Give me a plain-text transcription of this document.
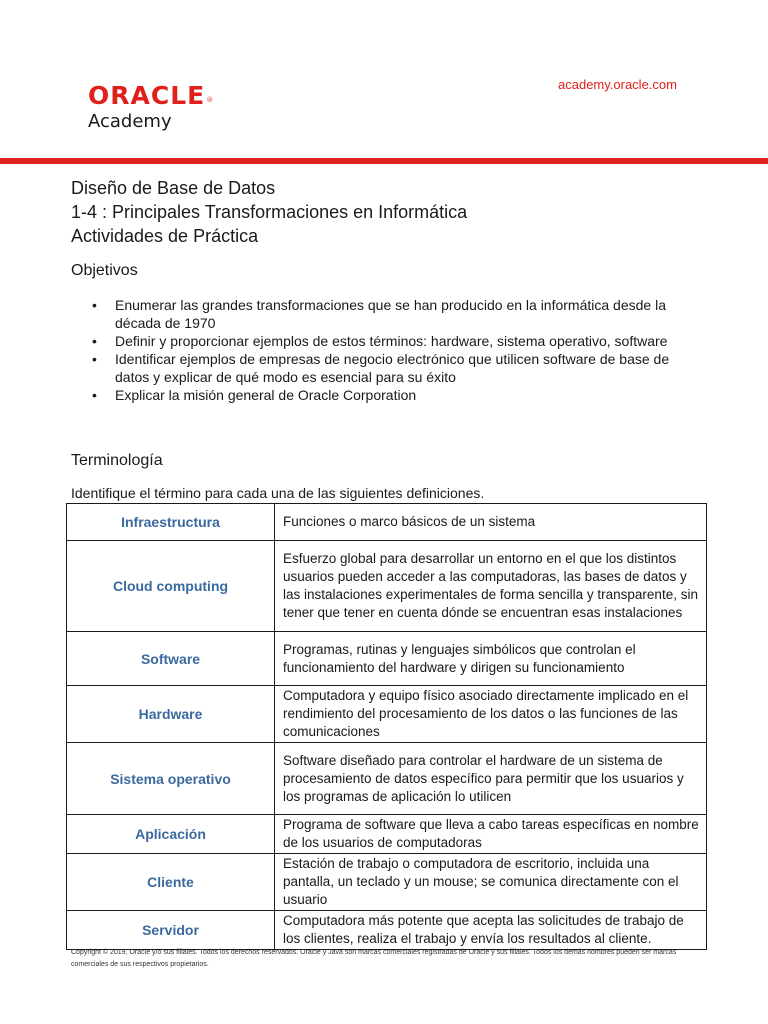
ORACLE®
Academy
academy.oracle.com
Diseño de Base de Datos
1-4 : Principales Transformaciones en Informática
Actividades de Práctica
Objetivos
• Enumerar las grandes transformaciones que se han producido en la informática desde la década de 1970
• Definir y proporcionar ejemplos de estos términos: hardware, sistema operativo, software
• Identificar ejemplos de empresas de negocio electrónico que utilicen software de base de datos y explicar de qué modo es esencial para su éxito
• Explicar la misión general de Oracle Corporation
Terminología
Identifique el término para cada una de las siguientes definiciones.
Infraestructura	Funciones o marco básicos de un sistema
Cloud computing	Esfuerzo global para desarrollar un entorno en el que los distintos usuarios pueden acceder a las computadoras, las bases de datos y las instalaciones experimentales de forma sencilla y transparente, sin tener que tener en cuenta dónde se encuentran esas instalaciones
Software	Programas, rutinas y lenguajes simbólicos que controlan el funcionamiento del hardware y dirigen su funcionamiento
Hardware	Computadora y equipo físico asociado directamente implicado en el rendimiento del procesamiento de los datos o las funciones de las comunicaciones
Sistema operativo	Software diseñado para controlar el hardware de un sistema de procesamiento de datos específico para permitir que los usuarios y los programas de aplicación lo utilicen
Aplicación	Programa de software que lleva a cabo tareas específicas en nombre de los usuarios de computadoras
Cliente	Estación de trabajo o computadora de escritorio, incluida una pantalla, un teclado y un mouse; se comunica directamente con el usuario
Servidor	Computadora más potente que acepta las solicitudes de trabajo de los clientes, realiza el trabajo y envía los resultados al cliente.
Copyright © 2019, Oracle y/o sus filiales. Todos los derechos reservados. Oracle y Java son marcas comerciales registradas de Oracle y sus filiales. Todos los demás nombres pueden ser marcas comerciales de sus respectivos propietarios.
